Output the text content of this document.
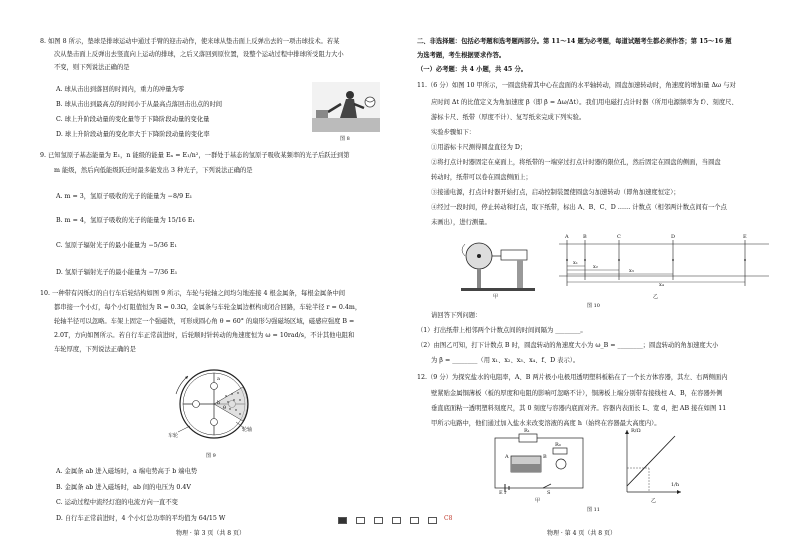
8. 如图 8 所示，垫球是排球运动中通过手臂的迎击动作，使来球从垫击面上反弹出去的一项击球技术。若某
次从垫击面上反弹出去竖直向上运动的排球，之后又落回到原位置，设整个运动过程中排球所受阻力大小
不变，则下列说法正确的是
A. 球从击出到落回的时间内，重力的冲量为零
B. 球从击出到最高点的时间小于从最高点落回击出点的时间
C. 球上升阶段动量的变化量等于下降阶段动量的变化量
D. 球上升阶段动量的变化率大于下降阶段动量的变化率
图 8
9. 已知氢原子基态能量为 E₁，n 能级的能量 Eₙ = E₁/n²，一群处于基态的氢原子吸收某频率的光子后跃迁到第
m 能级，然后向低能级跃迁时最多能发出 3 种光子，下列说法正确的是
A. m = 3，氢原子吸收的光子的能量为 −8/9 E₁
B. m = 4，氢原子吸收的光子的能量为 15/16 E₁
C. 氢原子辐射光子的最小能量为 −5/36 E₁
D. 氢原子辐射光子的最小能量为 −7/36 E₁
10. 一种带有闪烁灯的自行车后轮结构如图 9 所示，车轮与轮轴之间均匀地连接 4 根金属条，每根金属条中间
都串接一个小灯，每个小灯阻值恒为 R = 0.3Ω，金属条与车轮金属边框构成闭合回路，车轮半径 r = 0.4m，
轮轴半径可以忽略。车架上固定一个强磁铁，可形成圆心角 θ = 60° 的扇形匀强磁场区域，磁感应强度 B =
2.0T，方向如图所示。若自行车正常前进时，后轮顺时针转动的角速度恒为 ω = 10rad/s，不计其他电阻和
车轮厚度，下列说法正确的是
a
b
θ
车轮
轮轴
图 9
A. 金属条 ab 进入磁场时，a 端电势高于 b 端电势
B. 金属条 ab 进入磁场时，ab 间的电压为 0.4V
C. 运动过程中流经灯泡的电流方向一直不变
D. 自行车正常前进时，4 个小灯总功率的平均值为 64/15 W
物理 · 第 3 页（共 8 页）
C8
二、非选择题：包括必考题和选考题两部分。第 11～14 题为必考题，每道试题考生都必须作答；第 15～16 题
为选考题，考生根据要求作答。
（一）必考题：共 4 小题，共 45 分。
11.（6 分）如图 10 甲所示，一圆盘绕着其中心在盘面的水平轴转动，圆盘加速转动时，角速度的增加量 Δω 与对
应时间 Δt 的比值定义为角加速度 β（即 β = Δω/Δt）。我们用电磁打点计时器（所用电源频率为 f）、刻度尺、
游标卡尺、纸带（厚度不计）、复写纸来完成下列实验。
实验步骤如下：
①用游标卡尺测得圆盘直径为 D；
②将打点计时器固定在桌面上，将纸带的一端穿过打点计时器的限位孔，然后固定在圆盘的侧面，当圆盘
转动时，纸带可以卷在圆盘侧面上；
③接通电源，打点计时器开始打点，启动控制装置使圆盘匀加速转动（即角加速度恒定）；
④经过一段时间，停止转动和打点，取下纸带，标出 A、B、C、D …… 计数点（相邻两计数点间有一个点
未画出），进行测量。
甲
A	B	C	D	E
x₁
x₂
x₃
x₄
乙
图 10
请回答下列问题：
（1）打出纸带上相邻两个计数点间的时间间隔为 ________。
（2）由图乙可知，打下计数点 B 时，圆盘转动的角速度大小为 ω_B = ________；圆盘转动的角加速度大小
为 β = ________（用 x₁、x₂、x₃、x₄、f、D 表示）。
12.（9 分）为探究盐水的电阻率，A、B 两片极小电极用透明塑料板粘在了一个长方体容器，其左、右两侧面内
壁紧贴金属铜薄板（板的厚度和电阻的影响可忽略不计），铜薄板上端分别带有接线柱 A、B，在容器外侧
垂直底面粘一透明塑料刻度尺，其 0 刻度与容器内底面对齐。容器内表面长 L、宽 d，把 AB 接在如图 11
甲所示电路中，他们通过加入盐水来改变溶液的高度 h（始终在容器最大高度内）。
R₁
A	B
E r	S
R₀
甲
R/Ω
1/h
乙
图 11
物理 · 第 4 页（共 8 页）
